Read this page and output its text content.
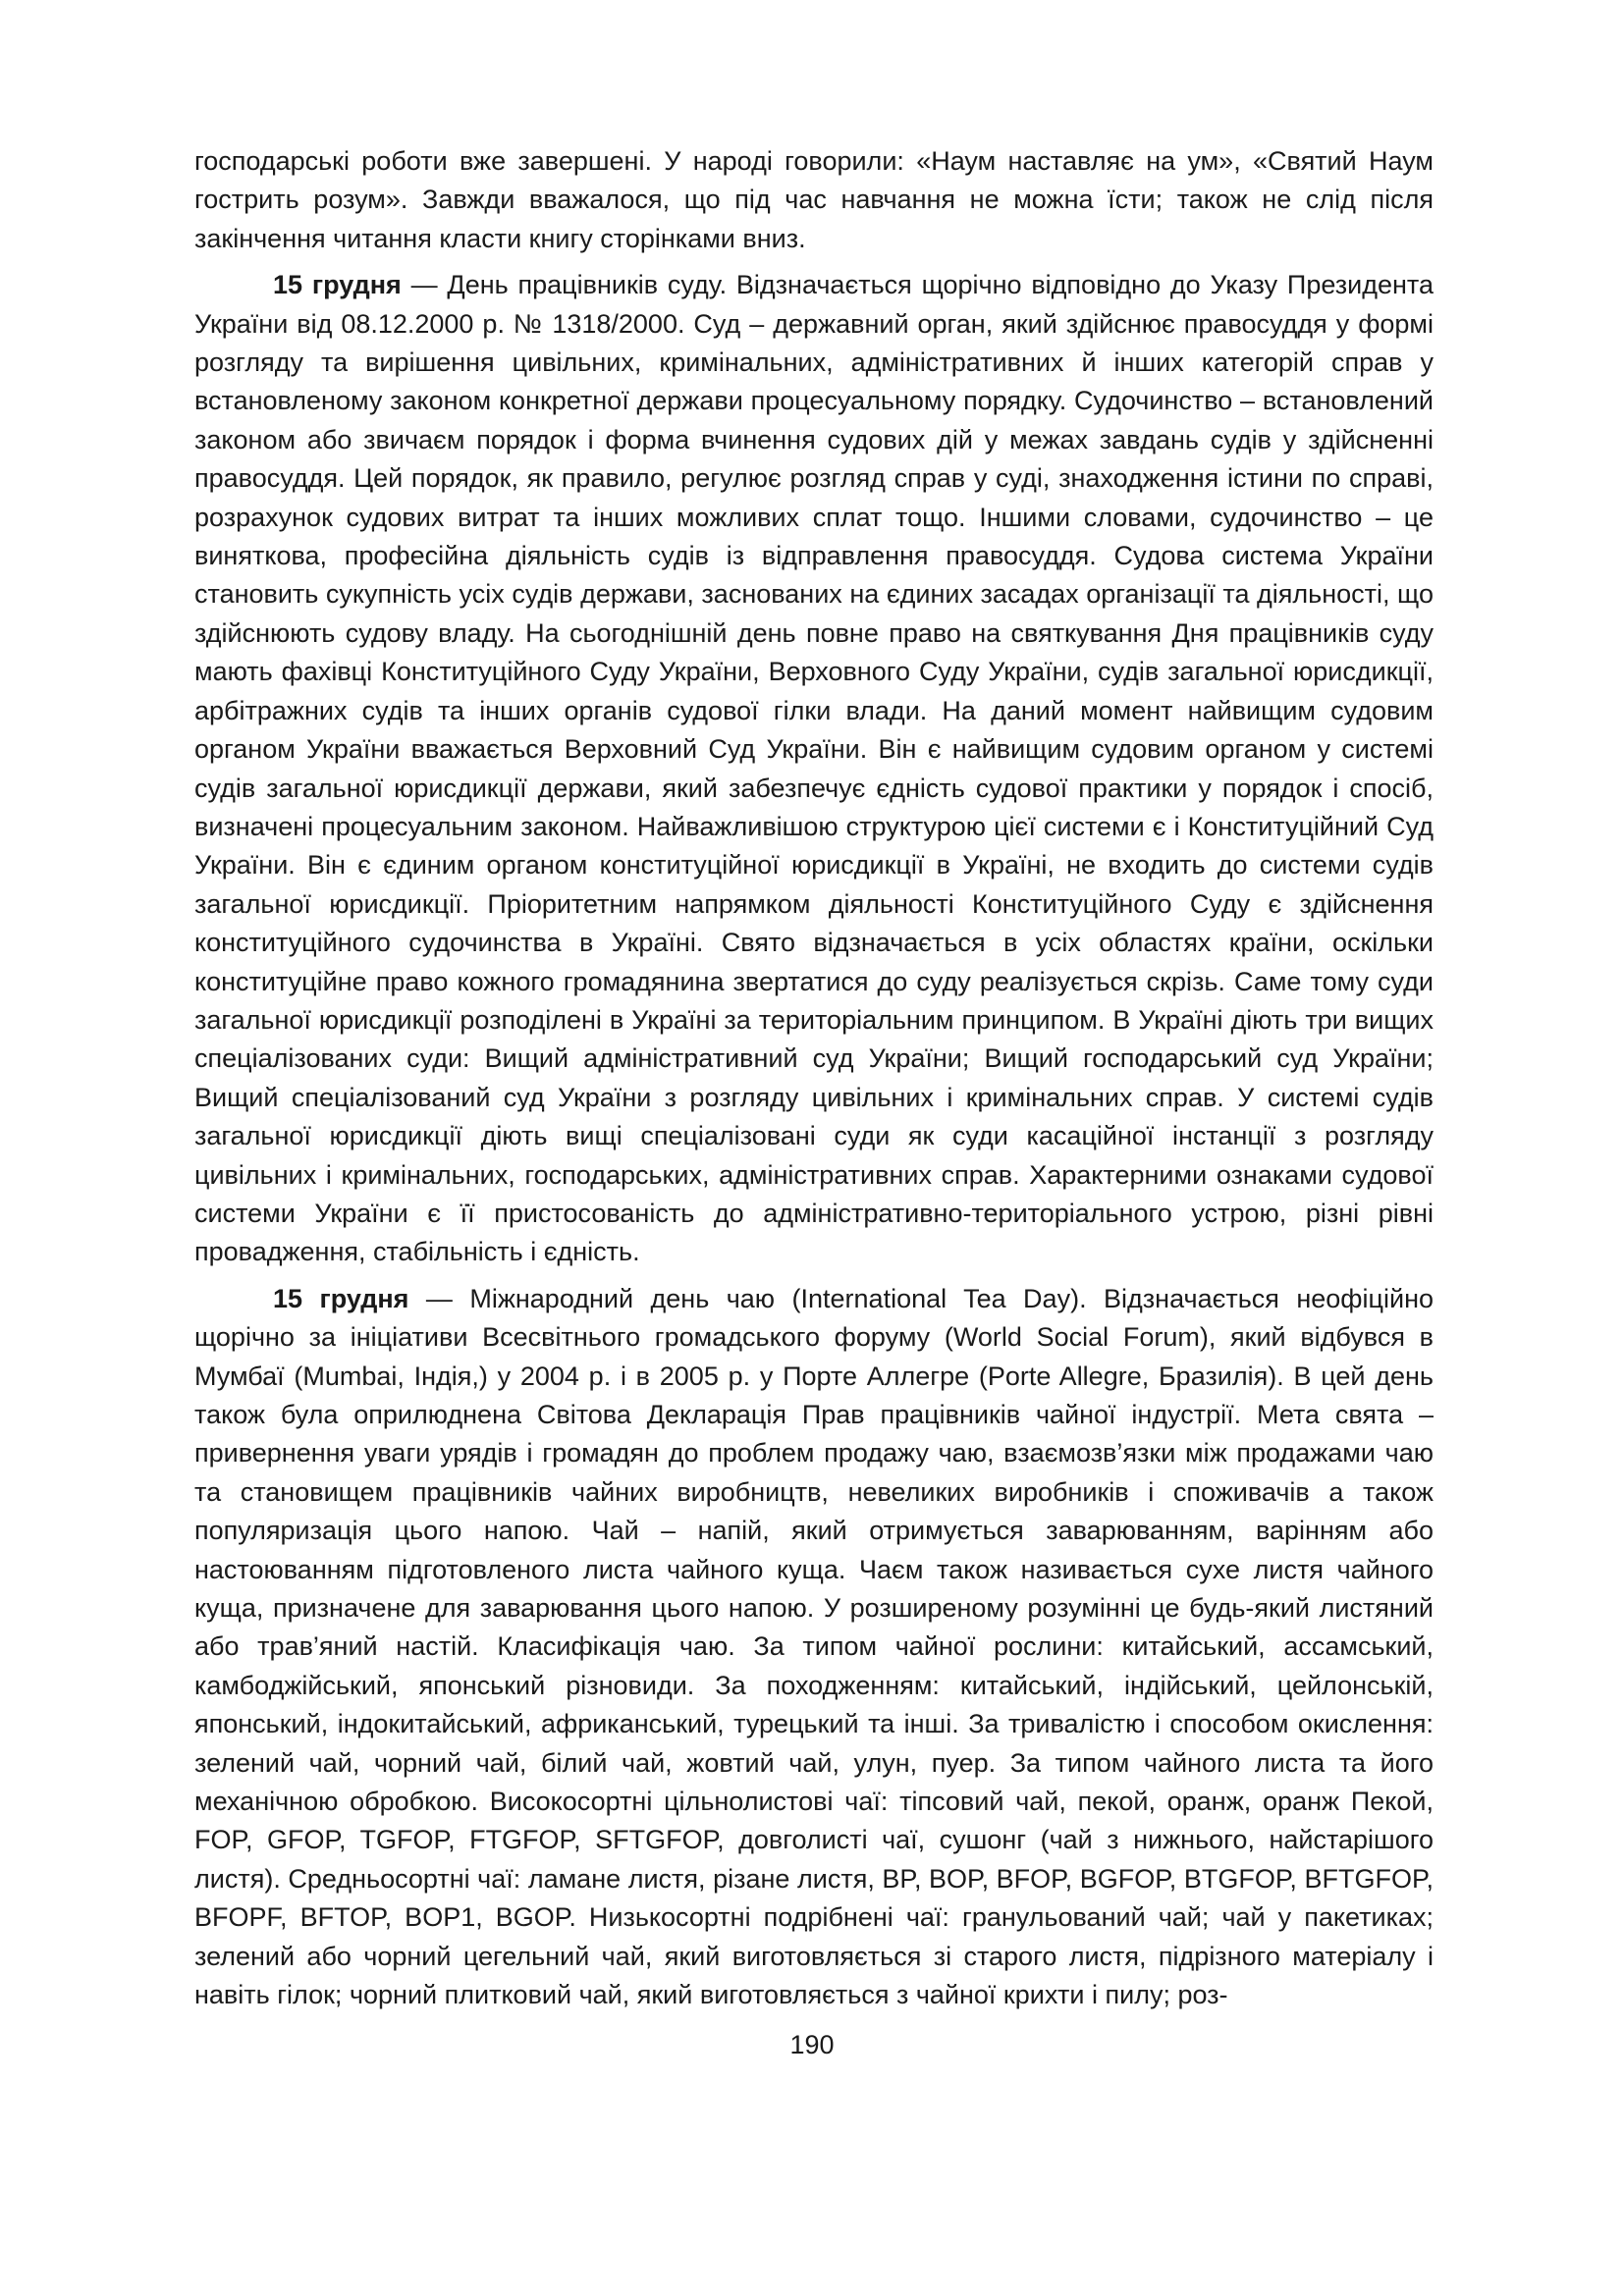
господарські роботи вже завершені. У народі говорили: «Наум наставляє на ум», «Святий Наум гострить розум». Завжди вважалося, що під час навчання не можна їсти; також не слід після закінчення читання класти книгу сторінками вниз.

15 грудня — День працівників суду. Відзначається щорічно відповідно до Указу Президента України від 08.12.2000 р. № 1318/2000. Суд – державний орган, який здійснює правосуддя у формі розгляду та вирішення цивільних, кримінальних, адміністративних й інших категорій справ у встановленому законом конкретної держави процесуальному порядку. Судочинство – встановлений законом або звичаєм порядок і форма вчинення судових дій у межах завдань судів у здійсненні правосуддя. Цей порядок, як правило, регулює розгляд справ у суді, знаходження істини по справі, розрахунок судових витрат та інших можливих сплат тощо. Іншими словами, судочинство – це виняткова, професійна діяльність судів із відправлення правосуддя. Судова система України становить сукупність усіх судів держави, заснованих на єдиних засадах організації та діяльності, що здійснюють судову владу. На сьогоднішній день повне право на святкування Дня працівників суду мають фахівці Конституційного Суду України, Верховного Суду України, судів загальної юрисдикції, арбітражних судів та інших органів судової гілки влади. На даний момент найвищим судовим органом України вважається Верховний Суд України. Він є найвищим судовим органом у системі судів загальної юрисдикції держави, який забезпечує єдність судової практики у порядок і спосіб, визначені процесуальним законом. Найважливішою структурою цієї системи є і Конституційний Суд України. Він є єдиним органом конституційної юрисдикції в Україні, не входить до системи судів загальної юрисдикції. Пріоритетним напрямком діяльності Конституційного Суду є здійснення конституційного судочинства в Україні. Свято відзначається в усіх областях країни, оскільки конституційне право кожного громадянина звертатися до суду реалізується скрізь. Саме тому суди загальної юрисдикції розподілені в Україні за територіальним принципом. В Україні діють три вищих спеціалізованих суди: Вищий адміністративний суд України; Вищий господарський суд України; Вищий спеціалізований суд України з розгляду цивільних і кримінальних справ. У системі судів загальної юрисдикції діють вищі спеціалізовані суди як суди касаційної інстанції з розгляду цивільних і кримінальних, господарських, адміністративних справ. Характерними ознаками судової системи України є її пристосованість до адміністративно-територіального устрою, різні рівні провадження, стабільність і єдність.

15 грудня — Міжнародний день чаю (International Tea Day). Відзначається неофіційно щорічно за ініціативи Всесвітнього громадського форуму (World Social Forum), який відбувся в Мумбаї (Mumbai, Індія,) у 2004 р. і в 2005 р. у Порте Аллегре (Porte Allegre, Бразилія). В цей день також була оприлюднена Світова Декларація Прав працівників чайної індустрії. Мета свята – привернення уваги урядів і громадян до проблем продажу чаю, взаємозв’язки між продажами чаю та становищем працівників чайних виробництв, невеликих виробників і споживачів а також популяризація цього напою. Чай – напій, який отримується заварюванням, варінням або настоюванням підготовленого листа чайного куща. Чаєм також називається сухе листя чайного куща, призначене для заварювання цього напою. У розширеному розумінні це будь-який листяний або трав’яний настій. Класифікація чаю. За типом чайної рослини: китайський, ассамський, камбоджійський, японський різновиди. За походженням: китайський, індійський, цейлонській, японський, індокитайський, африканський, турецький та інші. За тривалістю і способом окислення: зелений чай, чорний чай, білий чай, жовтий чай, улун, пуер. За типом чайного листа та його механічною обробкою. Високосортні цільнолистові чаї: тіпсовий чай, пекой, оранж, оранж Пекой, FOP, GFOP, TGFOP, FTGFOP, SFTGFOP, довголисті чаї, сушонг (чай з нижнього, найстарішого листя). Средньосортні чаї: ламане листя, різане листя, BP, BOP, BFOP, BGFOP, BTGFOP, BFTGFOP, BFOPF, BFTOP, BOP1, BGOP. Низькосортні подрібнені чаї: гранульований чай; чай у пакетиках; зелений або чорний цегельний чай, який виготовляється зі старого листя, підрізного матеріалу і навіть гілок; чорний плитковий чай, який виготовляється з чайної крихти і пилу; роз-

190
